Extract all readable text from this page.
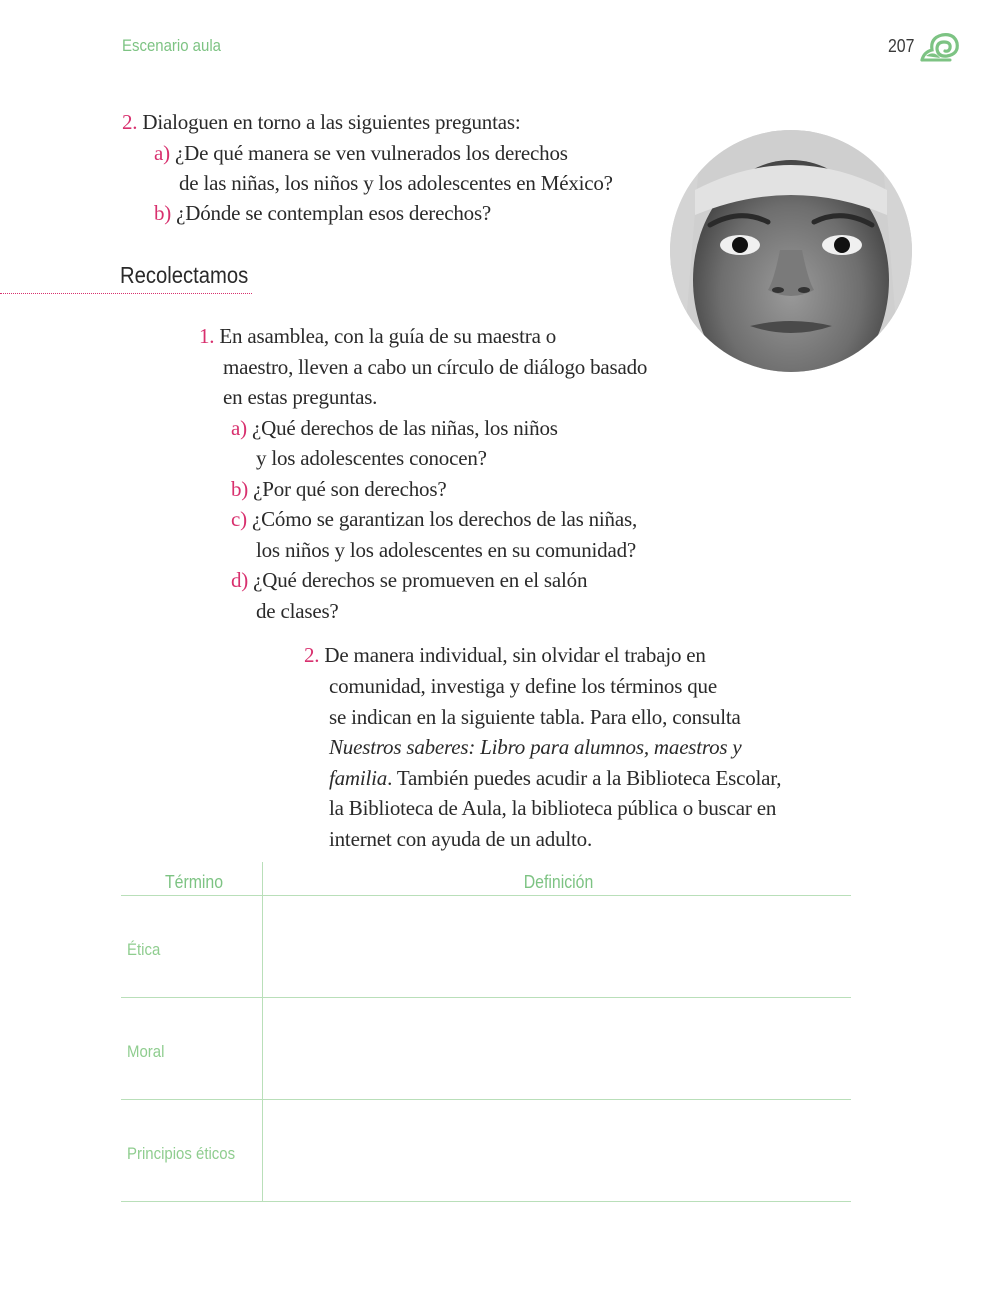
Escenario aula	207
2. Dialoguen en torno a las siguientes preguntas:
a) ¿De qué manera se ven vulnerados los derechos
de las niñas, los niños y los adolescentes en México?
b) ¿Dónde se contemplan esos derechos?
Recolectamos
1. En asamblea, con la guía de su maestra o
maestro, lleven a cabo un círculo de diálogo basado
en estas preguntas.
a) ¿Qué derechos de las niñas, los niños
y los adolescentes conocen?
b) ¿Por qué son derechos?
c) ¿Cómo se garantizan los derechos de las niñas,
los niños y los adolescentes en su comunidad?
d) ¿Qué derechos se promueven en el salón
de clases?
2. De manera individual, sin olvidar el trabajo en
comunidad, investiga y define los términos que
se indican en la siguiente tabla. Para ello, consulta
Nuestros saberes: Libro para alumnos, maestros y
familia. También puedes acudir a la Biblioteca Escolar,
la Biblioteca de Aula, la biblioteca pública o buscar en
internet con ayuda de un adulto.
Término	Definición
Ética
Moral
Principios éticos
